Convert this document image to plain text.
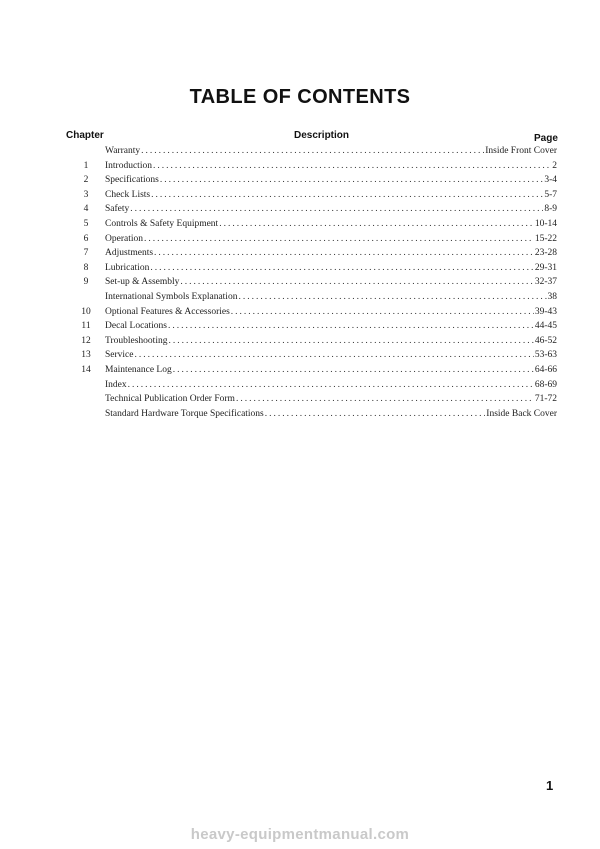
TABLE OF CONTENTS
Chapter	Description	Page
Warranty .....	Inside Front Cover
1	Introduction .....	2
2	Specifications .....	3-4
3	Check Lists .....	5-7
4	Safety .....	8-9
5	Controls & Safety Equipment .....	10-14
6	Operation .....	15-22
7	Adjustments .....	23-28
8	Lubrication .....	29-31
9	Set-up & Assembly .....	32-37
International Symbols Explanation .....	38
10	Optional Features & Accessories .....	39-43
11	Decal Locations .....	44-45
12	Troubleshooting .....	46-52
13	Service .....	53-63
14	Maintenance Log .....	64-66
Index .....	68-69
Technical Publication Order Form .....	71-72
Standard Hardware Torque Specifications .....	Inside Back Cover
1
heavy-equipmentmanual.com
